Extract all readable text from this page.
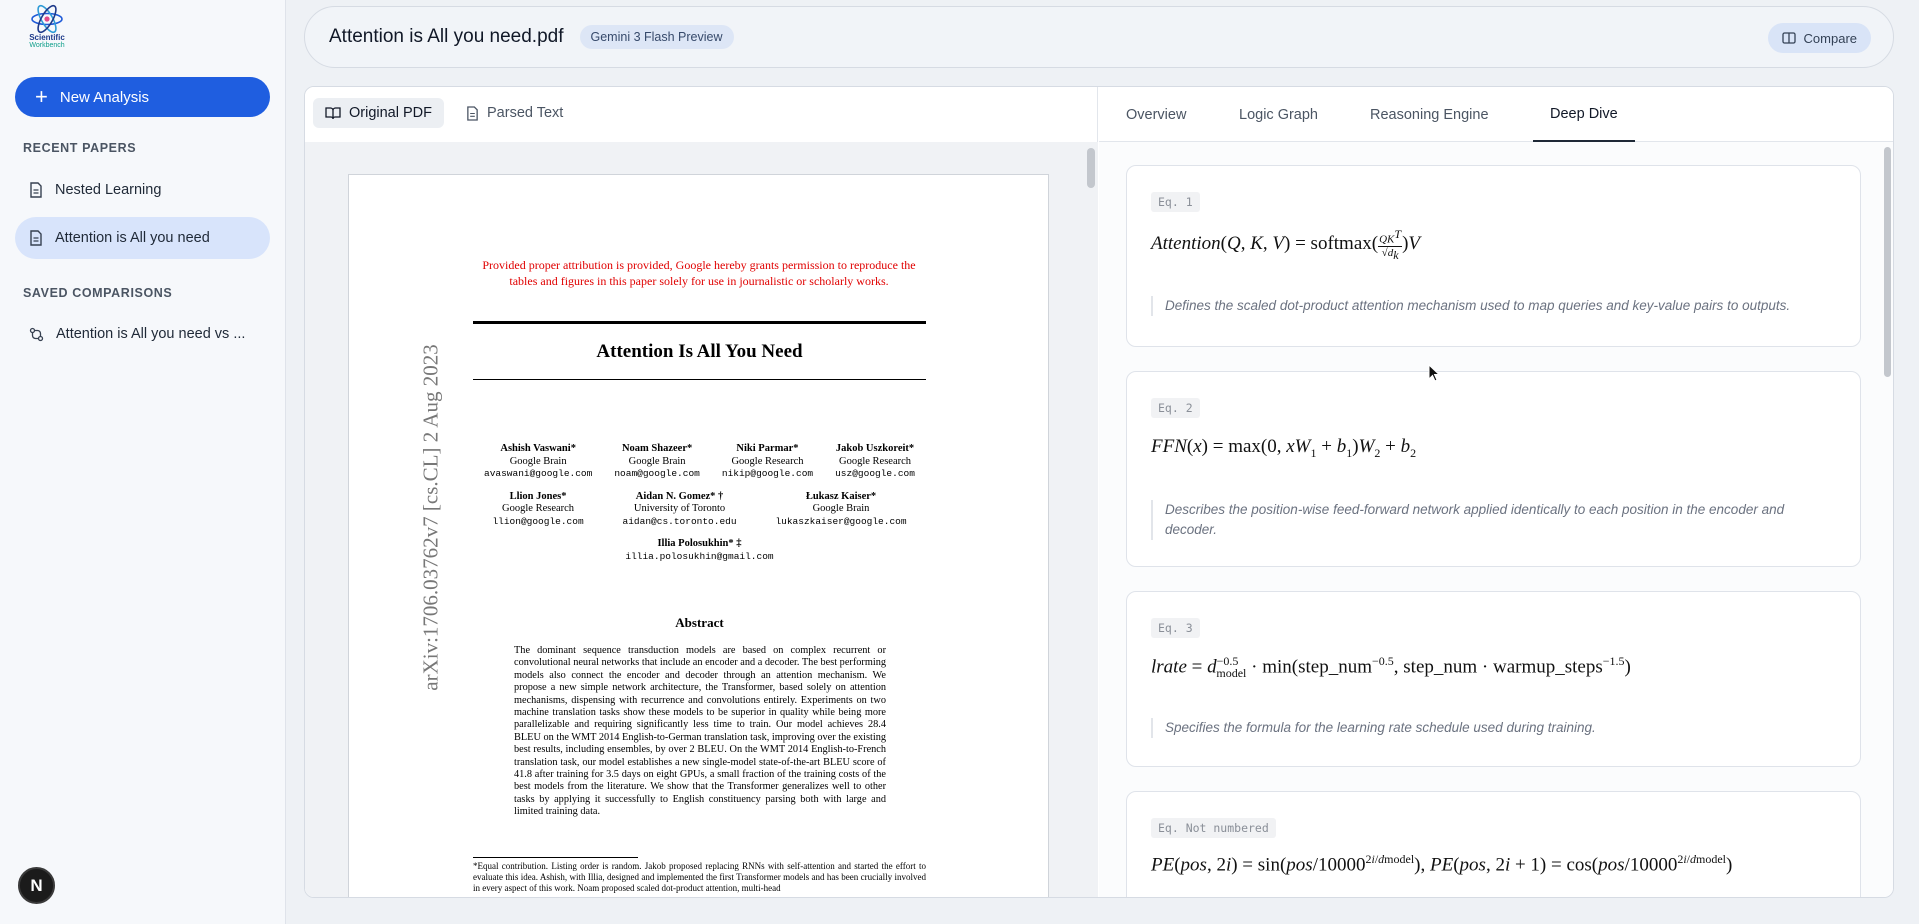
Scientific
Workbench
+ New Analysis
RECENT PAPERS
Nested Learning
Attention is All you need
SAVED COMPARISONS
Attention is All you need vs ...
N
Attention is All you need.pdf	Gemini 3 Flash Preview	Compare
Original PDF	Parsed Text
arXiv:1706.03762v7 [cs.CL] 2 Aug 2023
Provided proper attribution is provided, Google hereby grants permission to reproduce the tables and figures in this paper solely for use in journalistic or scholarly works.
Attention Is All You Need
Ashish Vaswani*
Google Brain
avaswani@google.com
Noam Shazeer*
Google Brain
noam@google.com
Niki Parmar*
Google Research
nikip@google.com
Jakob Uszkoreit*
Google Research
usz@google.com
Llion Jones*
Google Research
llion@google.com
Aidan N. Gomez* †
University of Toronto
aidan@cs.toronto.edu
Łukasz Kaiser*
Google Brain
lukaszkaiser@google.com
Illia Polosukhin* ‡
illia.polosukhin@gmail.com
Abstract
The dominant sequence transduction models are based on complex recurrent or convolutional neural networks that include an encoder and a decoder. The best performing models also connect the encoder and decoder through an attention mechanism. We propose a new simple network architecture, the Transformer, based solely on attention mechanisms, dispensing with recurrence and convolutions entirely. Experiments on two machine translation tasks show these models to be superior in quality while being more parallelizable and requiring significantly less time to train. Our model achieves 28.4 BLEU on the WMT 2014 English-to-German translation task, improving over the existing best results, including ensembles, by over 2 BLEU. On the WMT 2014 English-to-French translation task, our model establishes a new single-model state-of-the-art BLEU score of 41.8 after training for 3.5 days on eight GPUs, a small fraction of the training costs of the best models from the literature. We show that the Transformer generalizes well to other tasks by applying it successfully to English constituency parsing both with large and limited training data.
*Equal contribution. Listing order is random. Jakob proposed replacing RNNs with self-attention and started the effort to evaluate this idea. Ashish, with Illia, designed and implemented the first Transformer models and has been crucially involved in every aspect of this work. Noam proposed scaled dot-product attention, multi-head
Overview	Logic Graph	Reasoning Engine	Deep Dive
Eq. 1
Attention(Q, K, V) = softmax( $\frac{QK^T}{√d_k} )V$
Defines the scaled dot-product attention mechanism used to map queries and key-value pairs to outputs.
Eq. 2
FFN(x) = max(0, $xW_1 + b_1)W_2 + b_2$
Describes the position-wise feed-forward network applied identically to each position in the encoder and decoder.
Eq. 3
lrate = $d^{-0.5}_{model}$ · min(step_num$^{-0.5}$, step_num · warmup_steps$^{-1.5}$)
Specifies the formula for the learning rate schedule used during training.
Eq. Not numbered
PE(pos, $2i) = \sin(pos/10000^{2i/dmodel})$, PE(pos, $2i + 1) = \cos(pos/10000^{2i/dmodel})$
